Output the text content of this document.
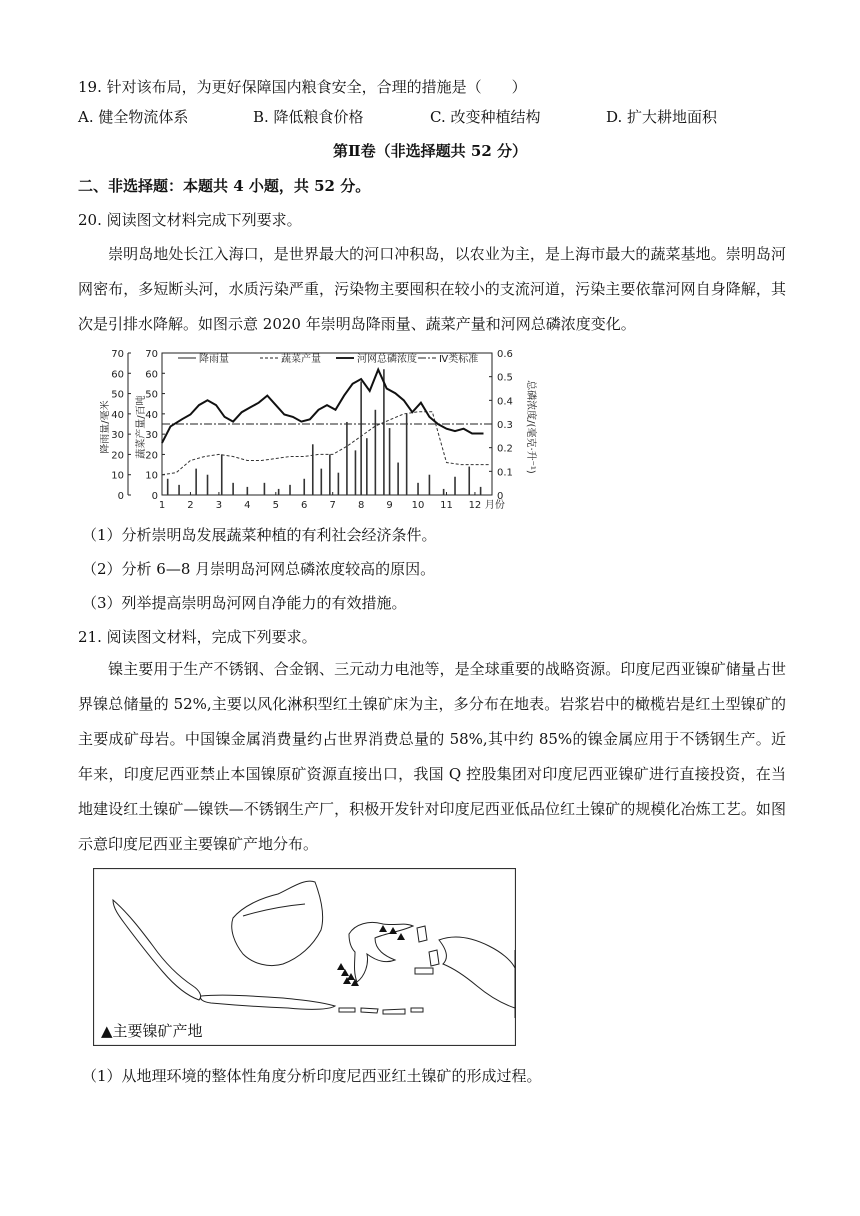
19. 针对该布局，为更好保障国内粮食安全，合理的措施是（　　）
A. 健全物流体系	B. 降低粮食价格	C. 改变种植结构	D. 扩大耕地面积
第Ⅱ卷（非选择题共 52 分）
二、非选择题：本题共 4 小题，共 52 分。
20. 阅读图文材料完成下列要求。
崇明岛地处长江入海口，是世界最大的河口冲积岛，以农业为主，是上海市最大的蔬菜基地。崇明岛河网密布，多短断头河，水质污染严重，污染物主要囤积在较小的支流河道，污染主要依靠河网自身降解，其次是引排水降解。如图示意 2020 年崇明岛降雨量、蔬菜产量和河网总磷浓度变化。
70
60
50
40
30
20
10
0
70
60
50
40
30
20
10
0
0.6
0.5
0.4
0.3
0.2
0.1
0
1 2 3 4 5 6 7 8 9 10 11 12 月份
降雨量/毫米	蔬菜产量/百吨	总磷浓度/(毫克·升⁻¹)
降雨量	蔬菜产量	河网总磷浓度 Ⅳ类标准
（1）分析崇明岛发展蔬菜种植的有利社会经济条件。
（2）分析 6—8 月崇明岛河网总磷浓度较高的原因。
（3）列举提高崇明岛河网自净能力的有效措施。
21. 阅读图文材料，完成下列要求。
镍主要用于生产不锈钢、合金钢、三元动力电池等，是全球重要的战略资源。印度尼西亚镍矿储量占世界镍总储量的 52%,主要以风化淋积型红土镍矿床为主，多分布在地表。岩浆岩中的橄榄岩是红土型镍矿的主要成矿母岩。中国镍金属消费量约占世界消费总量的 58%,其中约 85%的镍金属应用于不锈钢生产。近年来，印度尼西亚禁止本国镍原矿资源直接出口，我国 Q 控股集团对印度尼西亚镍矿进行直接投资，在当地建设红土镍矿—镍铁—不锈钢生产厂，积极开发针对印度尼西亚低品位红土镍矿的规模化冶炼工艺。如图示意印度尼西亚主要镍矿产地分布。
▲主要镍矿产地
（1）从地理环境的整体性角度分析印度尼西亚红土镍矿的形成过程。
